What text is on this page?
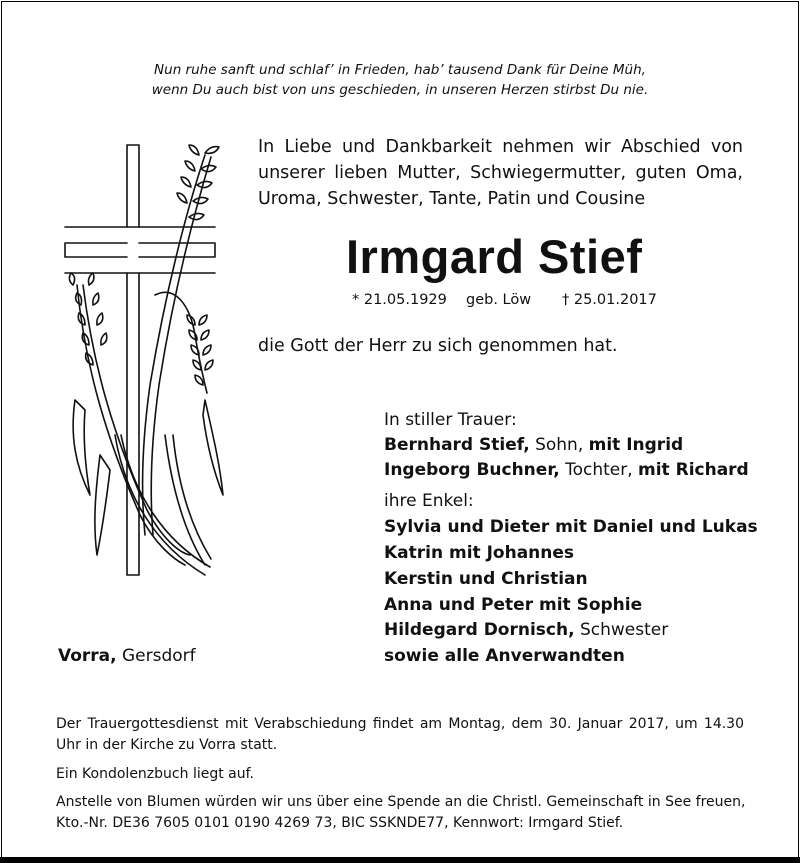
Nun ruhe sanft und schlaf’ in Frieden, hab’ tausend Dank für Deine Müh,
wenn Du auch bist von uns geschieden, in unseren Herzen stirbst Du nie.
In Liebe und Dankbarkeit nehmen wir Abschied von
unserer lieben Mutter, Schwiegermutter, guten Oma,
Uroma, Schwester, Tante, Patin und Cousine
Irmgard Stief
* 21.05.1929 geb. Löw † 25.01.2017
die Gott der Herr zu sich genommen hat.
In stiller Trauer:
Bernhard Stief, Sohn, mit Ingrid
Ingeborg Buchner, Tochter, mit Richard
ihre Enkel:
Sylvia und Dieter mit Daniel und Lukas
Katrin mit Johannes
Kerstin und Christian
Anna und Peter mit Sophie
Hildegard Dornisch, Schwester
sowie alle Anverwandten
Vorra, Gersdorf
Der Trauergottesdienst mit Verabschiedung findet am Montag, dem 30. Januar 2017, um 14.30
Uhr in der Kirche zu Vorra statt.
Ein Kondolenzbuch liegt auf.
Anstelle von Blumen würden wir uns über eine Spende an die Christl. Gemeinschaft in See freuen,
Kto.-Nr. DE36 7605 0101 0190 4269 73, BIC SSKNDE77, Kennwort: Irmgard Stief.
